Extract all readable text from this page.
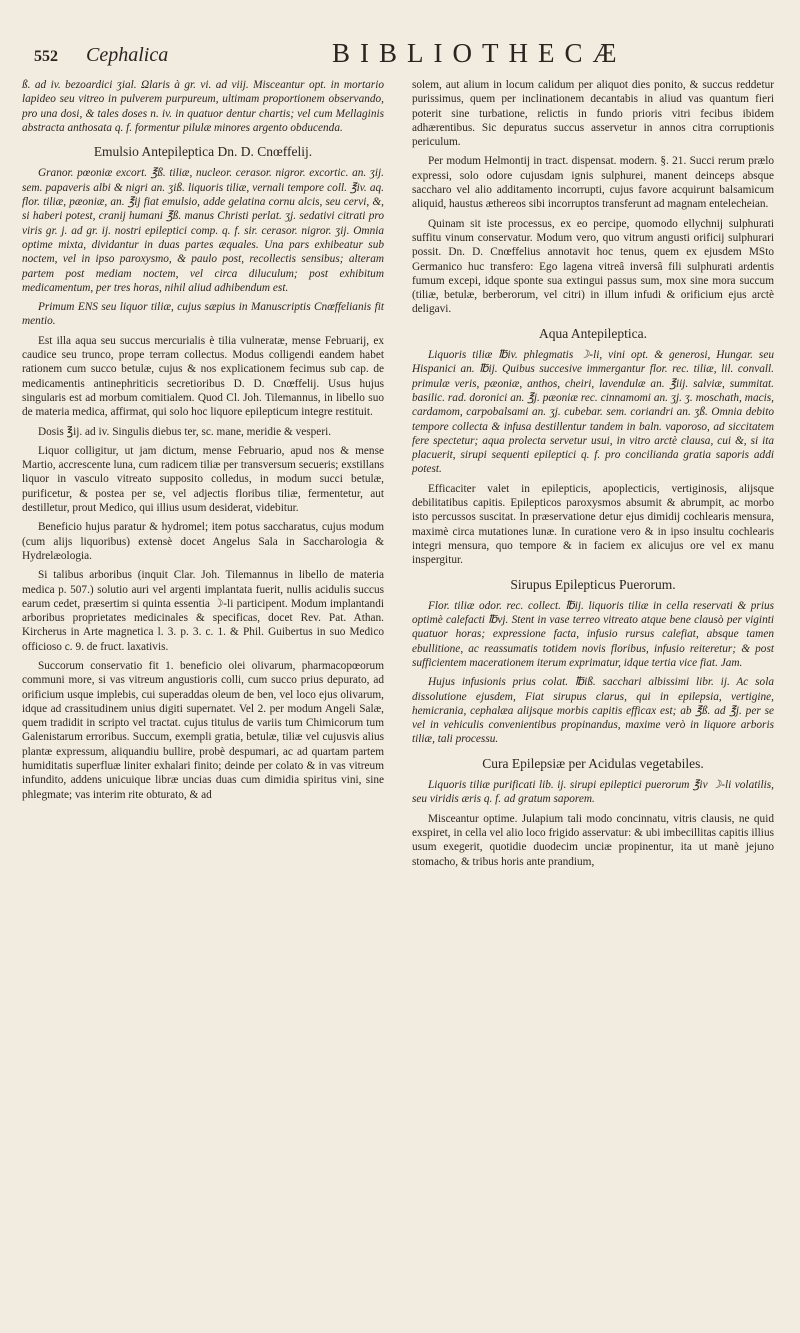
552 Cephalica	BIBLIOTHECÆ

ß. ad iv. bezoardici ʒial. Ωlaris à gr. vi. ad viij. Misceantur opt. in mortario lapideo seu vitreo in pulverem purpureum, ultimam proportionem observando, pro una dosi, & tales doses n. iv. in quatuor dentur chartis; vel cum Mellaginis abstracta anthosata q. f. formentur pilulæ minores argento obducenda.

Emulsio Antepileptica Dn. D. Cnœffelij.

Granor. pœoniæ excort. ℥ß. tiliæ, nucleor. cerasor. nigror. excortic. an. ʒij. sem. papaveris albi & nigri an. ʒiß. liquoris tiliæ, vernali tempore coll. ℥iv. aq. flor. tiliæ, pæoniæ, an. ℥ij fiat emulsio, adde gelatina cornu alcis, seu cervi, &, si haberi potest, cranij humani ℥ß. manus Christi perlat. ʒj. sedativi citrati pro viris gr. j. ad gr. ij. nostri epileptici comp. q. f. sir. cerasor. nigror. ʒij. Omnia optime mixta, dividantur in duas partes æquales. Una pars exhibeatur sub noctem, vel in ipso paroxysmo, & paulo post, recollectis sensibus; alteram partem post mediam noctem, vel circa diluculum; post exhibitum medicamentum, per tres horas, nihil aliud adhibendum est.

Primum ENS seu liquor tiliæ, cujus sæpius in Manuscriptis Cnœffelianis fit mentio.

Est illa aqua seu succus mercurialis è tilia vulneratæ, mense Februarij, ex caudice seu trunco, prope terram collectus. Modus colligendi eandem habet rationem cum succo betulæ, cujus & nos explicationem fecimus sub cap. de medicamentis antinephriticis secretioribus D. D. Cnœffelij. Usus hujus singularis est ad morbum comitialem. Quod Cl. Joh. Tilemannus, in libello suo de materia medica, affirmat, qui solo hoc liquore epilepticum integre restituit.

Dosis ℥ij. ad iv. Singulis diebus ter, sc. mane, meridie & vesperi.

Liquor colligitur, ut jam dictum, mense Februario, apud nos & mense Martio, accrescente luna, cum radicem tiliæ per transversum secueris; exstillans liquor in vasculo vitreato supposito colledus, in modum succi betulæ, purificetur, & postea per se, vel adjectis floribus tiliæ, fermentetur, aut destilletur, prout Medico, qui illius usum desiderat, videbitur.

Beneficio hujus paratur & hydromel; item potus saccharatus, cujus modum (cum alijs liquoribus) extensè docet Angelus Sala in Saccharologia & Hydrelæologia.

Si talibus arboribus (inquit Clar. Joh. Tilemannus in libello de materia medica p. 507.) solutio auri vel argenti implantata fuerit, nullis acidulis succus earum cedet, præsertim si quinta essentia ☽-li participent. Modum implantandi arboribus proprietates medicinales & specificas, docet Rev. Pat. Athan. Kircherus in Arte magnetica l. 3. p. 3. c. 1. & Phil. Guibertus in suo Medico officioso c. 9. de fruct. laxativis.

Succorum conservatio fit 1. beneficio olei olivarum, pharmacopœorum communi more, si vas vitreum angustioris colli, cum succo prius depurato, ad orificium usque implebis, cui superaddas oleum de ben, vel loco ejus olivarum, idque ad crassitudinem unius digiti supernatet. Vel 2. per modum Angeli Salæ, quem tradidit in scripto vel tractat. cujus titulus de variis tum Chimicorum tum Galenistarum erroribus. Succum, exempli gratia, betulæ, tiliæ vel cujusvis alius plantæ expressum, aliquandiu bullire, probè despumari, ac ad quartam partem humiditatis superfluæ liniter exhalari finito; deinde per colato & in vas vitreum infundito, addens unicuique libræ uncias duas cum dimidia spiritus vini, sine phlegmate; vas interim rite obturato, & ad

solem, aut alium in locum calidum per aliquot dies ponito, & succus reddetur purissimus, quem per inclinationem decantabis in aliud vas quantum fieri poterit sine turbatione, relictis in fundo prioris vitri fecibus ibidem adhærentibus. Sic depuratus succus asservetur in annos citra corruptionis periculum.

Per modum Helmontij in tract. dispensat. modern. §. 21. Succi rerum prælo expressi, solo odore cujusdam ignis sulphurei, manent deinceps absque saccharo vel alio additamento incorrupti, cujus favore acquirunt balsamicum aliquid, haustus æthereos sibi incorruptos transferunt ad magnam entelecheian.

Quinam sit iste processus, ex eo percipe, quomodo ellychnij sulphurati suffitu vinum conservatur. Modum vero, quo vitrum angusti orificij sulphurari possit. Dn. D. Cnœffelius annotavit hoc tenus, quem ex ejusdem MSto Germanico huc transfero: Ego lagena vitreâ inversâ fili sulphurati ardentis fumum excepi, idque sponte sua extingui passus sum, mox sine mora succum (tiliæ, betulæ, berberorum, vel citri) in illum infudi & orificium ejus arctè deligavi.

Aqua Antepileptica.

Liquoris tiliæ ℔iv. phlegmatis ☽-li, vini opt. & generosi, Hungar. seu Hispanici an. ℔ij. Quibus succesive immergantur flor. rec. tiliæ, lil. convall. primulæ veris, pæoniæ, anthos, cheiri, lavendulæ an. ℥iij. salviæ, summitat. basilic. rad. doronici an. ℥j. pæoniæ rec. cinnamomi an. ʒj. ʒ. moschath, macis, cardamom, carpobalsami an. ʒj. cubebar. sem. coriandri an. ʒß. Omnia debito tempore collecta & infusa destillentur tandem in baln. vaporoso, ad siccitatem fere spectetur; aqua prolecta servetur usui, in vitro arctè clausa, cui &, si ita placuerit, sirupi sequenti epileptici q. f. pro concilianda gratia saporis addi potest.

Efficaciter valet in epilepticis, apoplecticis, vertiginosis, alijsque debilitatibus capitis. Epilepticos paroxysmos absumit & abrumpit, ac morbo isto percussos suscitat. In præservatione detur ejus dimidij cochlearis mensura, maximè circa mutationes lunæ. In curatione vero & in ipso insultu cochlearis integri mensura, quo tempore & in faciem ex alicujus ore vel ex manu inspergitur.

Sirupus Epilepticus Puerorum.

Flor. tiliæ odor. rec. collect. ℔ij. liquoris tiliæ in cella reservati & prius optimè calefacti ℔vj. Stent in vase terreo vitreato atque bene clausò per viginti quatuor horas; expressione facta, infusio rursus calefiat, absque tamen ebullitione, ac reassumatis totidem novis floribus, infusio reiteretur; & post sufficientem macerationem iterum exprimatur, idque tertia vice fiat. Jam.

Hujus infusionis prius colat. ℔iß. sacchari albissimi libr. ij. Ac sola dissolutione ejusdem, Fiat sirupus clarus, qui in epilepsia, vertigine, hemicrania, cephalæa alijsque morbis capitis efficax est; ab ℥ß. ad ℥j. per se vel in vehiculis convenientibus propinandus, maxime verò in liquore arboris tiliæ, tali processu.

Cura Epilepsiæ per Acidulas vegetabiles.

Liquoris tiliæ purificati lib. ij. sirupi epileptici puerorum ℥iv ☽-li volatilis, seu viridis æris q. f. ad gratum saporem.

Misceantur optime. Julapium tali modo concinnatu, vitris clausis, ne quid exspiret, in cella vel alio loco frigido asservatur: & ubi imbecillitas capitis illius usum exegerit, quotidie duodecim unciæ propinentur, ita ut manè jejuno stomacho, & tribus horis ante prandium,
